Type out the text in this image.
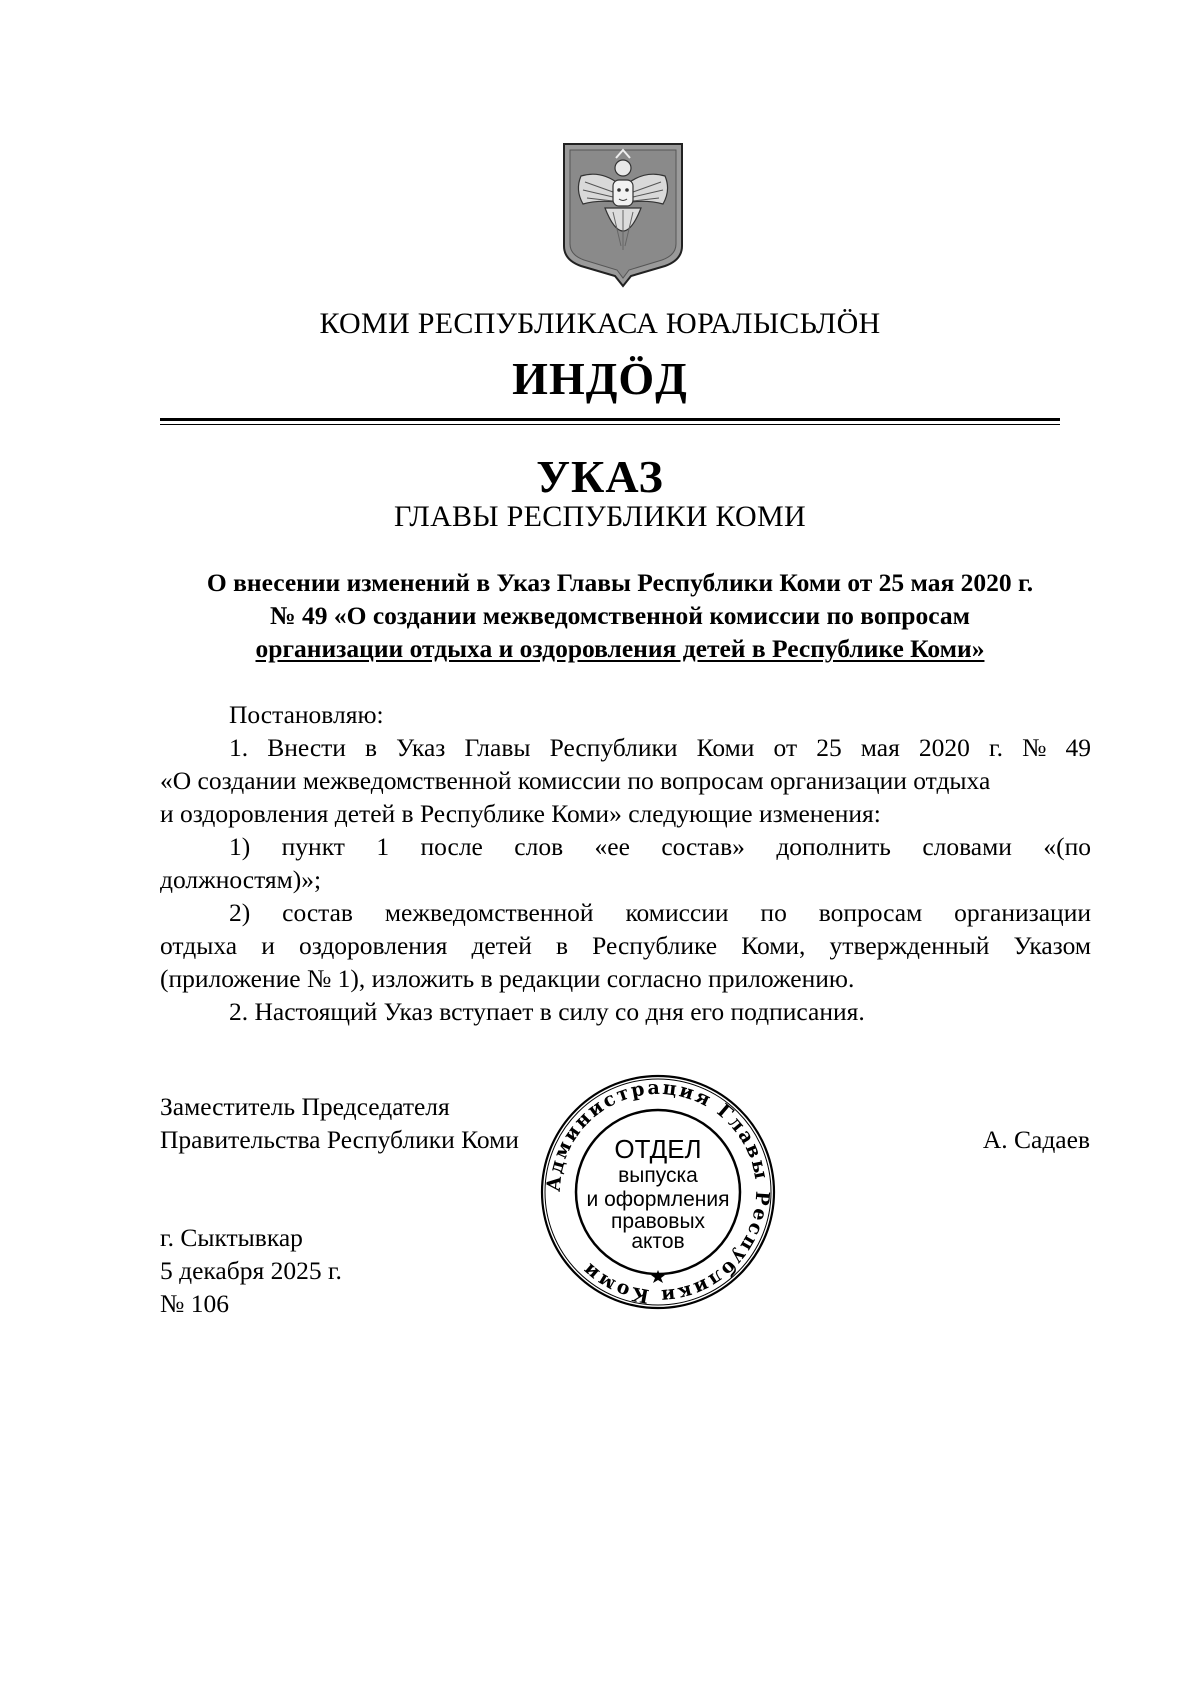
КОМИ РЕСПУБЛИКАСА ЮРАЛЫСЬЛӦН
ИНДӦД
УКАЗ
ГЛАВЫ РЕСПУБЛИКИ КОМИ
О внесении изменений в Указ Главы Республики Коми от 25 мая 2020 г.
№ 49 «О создании межведомственной комиссии по вопросам
организации отдыха и оздоровления детей в Республике Коми»

Постановляю:

1. Внести в Указ Главы Республики Коми от 25 мая 2020 г. № 49
«О создании межведомственной комиссии по вопросам организации отдыха
и оздоровления детей в Республике Коми» следующие изменения:
1) пункт 1 после слов «ее состав» дополнить словами «(по
должностям)»;
2) состав межведомственной комиссии по вопросам организации
отдыха и оздоровления детей в Республике Коми, утвержденный Указом
(приложение № 1), изложить в редакции согласно приложению.

2. Настоящий Указ вступает в силу со дня его подписания.

Заместитель Председателя
Правительства Республики Коми	А. Садаев
Администрация Главы Республики Коми
ОТДЕЛ
выпуска
и оформления
правовых
актов
г. Сыктывкар
5 декабря 2025 г.
№ 106
